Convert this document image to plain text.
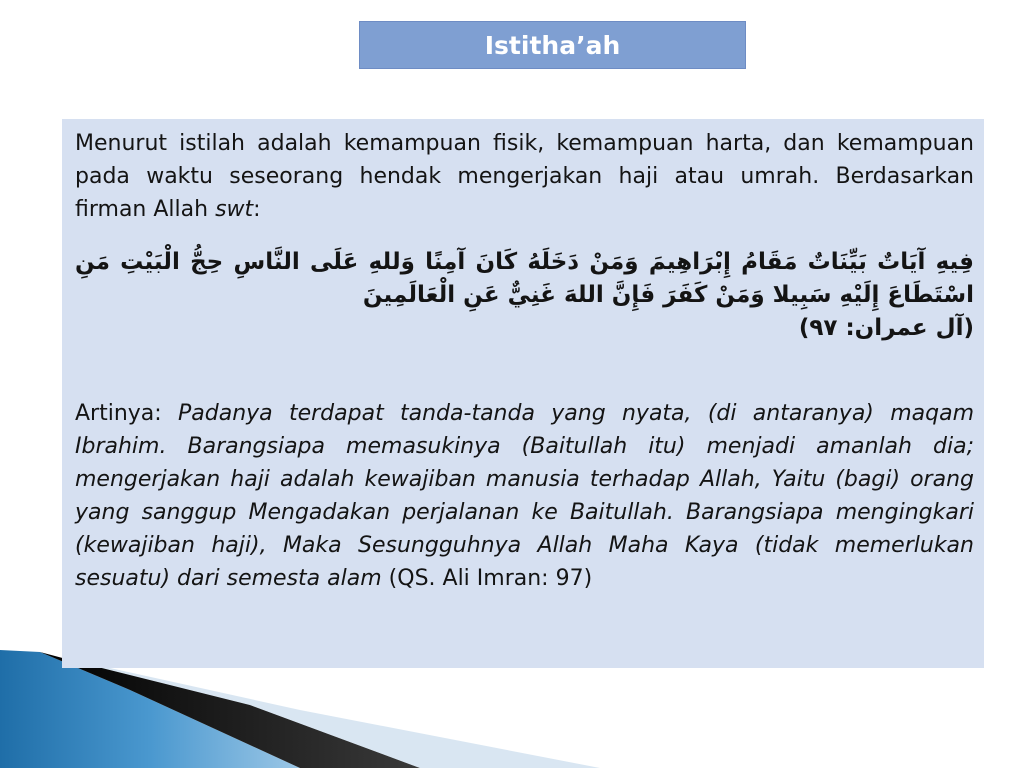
Istitha’ah

Menurut istilah adalah kemampuan fisik, kemampuan harta, dan kemampuan pada waktu seseorang hendak mengerjakan haji atau umrah. Berdasarkan firman Allah swt:

فِيهِ آيَاتٌ بَيِّنَاتٌ مَقَامُ إِبْرَاهِيمَ وَمَنْ دَخَلَهُ كَانَ آمِنًا وَللهِ عَلَى النَّاسِ حِجُّ الْبَيْتِ مَنِ اسْتَطَاعَ إِلَيْهِ سَبِيلا وَمَنْ كَفَرَ فَإِنَّ اللهَ غَنِيٌّ عَنِ الْعَالَمِينَ

(آل عمران: ٩٧)

Artinya: Padanya terdapat tanda-tanda yang nyata, (di antaranya) maqam Ibrahim. Barangsiapa memasukinya (Baitullah itu) menjadi amanlah dia; mengerjakan haji adalah kewajiban manusia terhadap Allah, Yaitu (bagi) orang yang sanggup Mengadakan perjalanan ke Baitullah. Barangsiapa mengingkari (kewajiban haji), Maka Sesungguhnya Allah Maha Kaya (tidak memerlukan sesuatu) dari semesta alam (QS. Ali Imran: 97)
